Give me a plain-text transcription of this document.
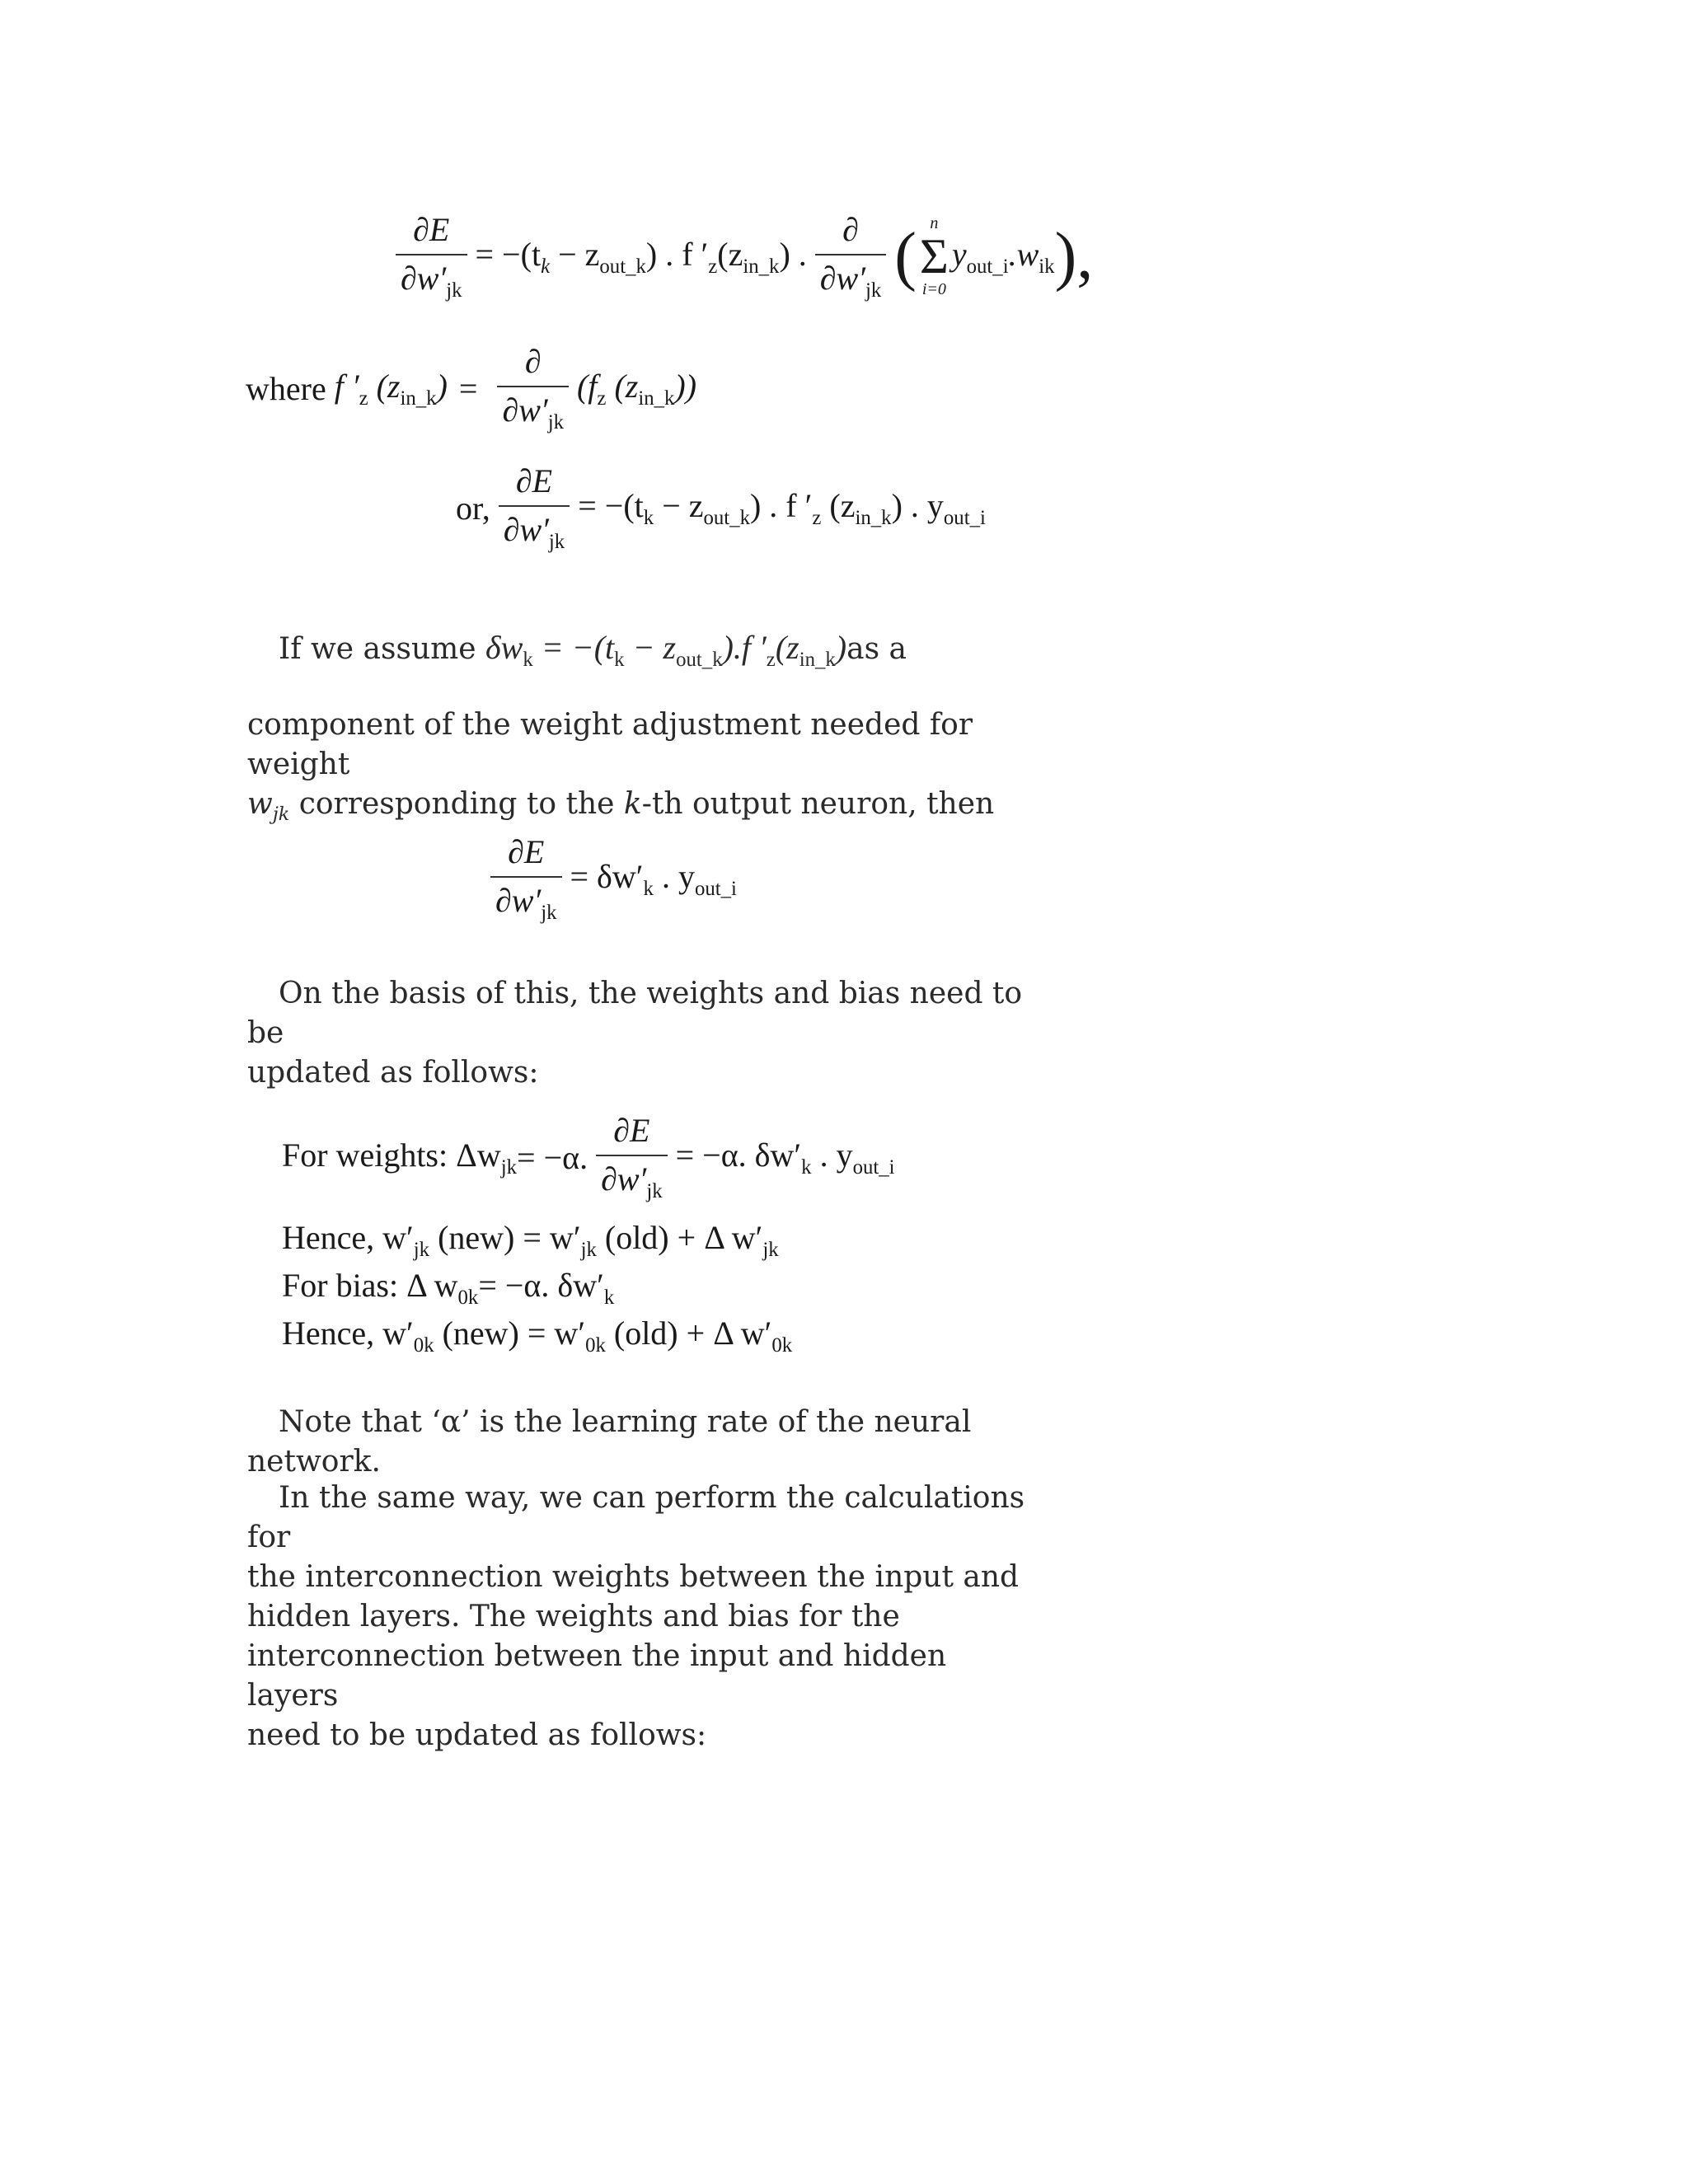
$\frac{\partial E}{\partial w'_{jk}} = -(t_k - z_{out\_k})$ . f $'_z(z_{in\_k})$ . $\frac{\partial}{\partial w'_{jk}}$ ( n
Σ
i=0
$y_{out\_i}.w_{ik}$ ),
where
f $'_z$ $(z_{in\_k}) = \frac{\partial}{\partial w'_{jk}} (f_z$ $(z_{in\_k})$)
or, $\frac{\partial E}{\partial w'_{jk}} = -(t_k - z_{out\_k})$ . f $'_z$ $(z_{in\_k})$ . $y_{out\_i}$
If we assume $\delta w_k = -(t_k - z_{out\_k}).f$ $'_z(z_{in\_k})as$ a
component of the weight adjustment needed for weight
$w_{jk}$ corresponding to the k-th output neuron, then
$\frac{\partial E}{\partial w'_{jk}} = \delta w'_k$ . $y_{out\_i}$
On the basis of this, the weights and bias need to be
updated as follows:
For weights: $\Delta w_{jk} = -\alpha$. $\frac{\partial E}{\partial w'_{jk}} = -\alpha$. $\delta w'_k$ . $y_{out\_i}$
Hence, $w'_{jk}$ $(new) = w'_{jk}$ (old) + Δ $w'_{jk}$
For bias: Δ $w_{0k}= -\alpha$. $\delta w'_k$
Hence, $w'_{0k}$ $(new) = w'_{0k}$ (old) + Δ $w'_{0k}$
Note that ‘α’ is the learning rate of the neural network.
In the same way, we can perform the calculations for
the interconnection weights between the input and
hidden layers. The weights and bias for the
interconnection between the input and hidden layers
need to be updated as follows:
